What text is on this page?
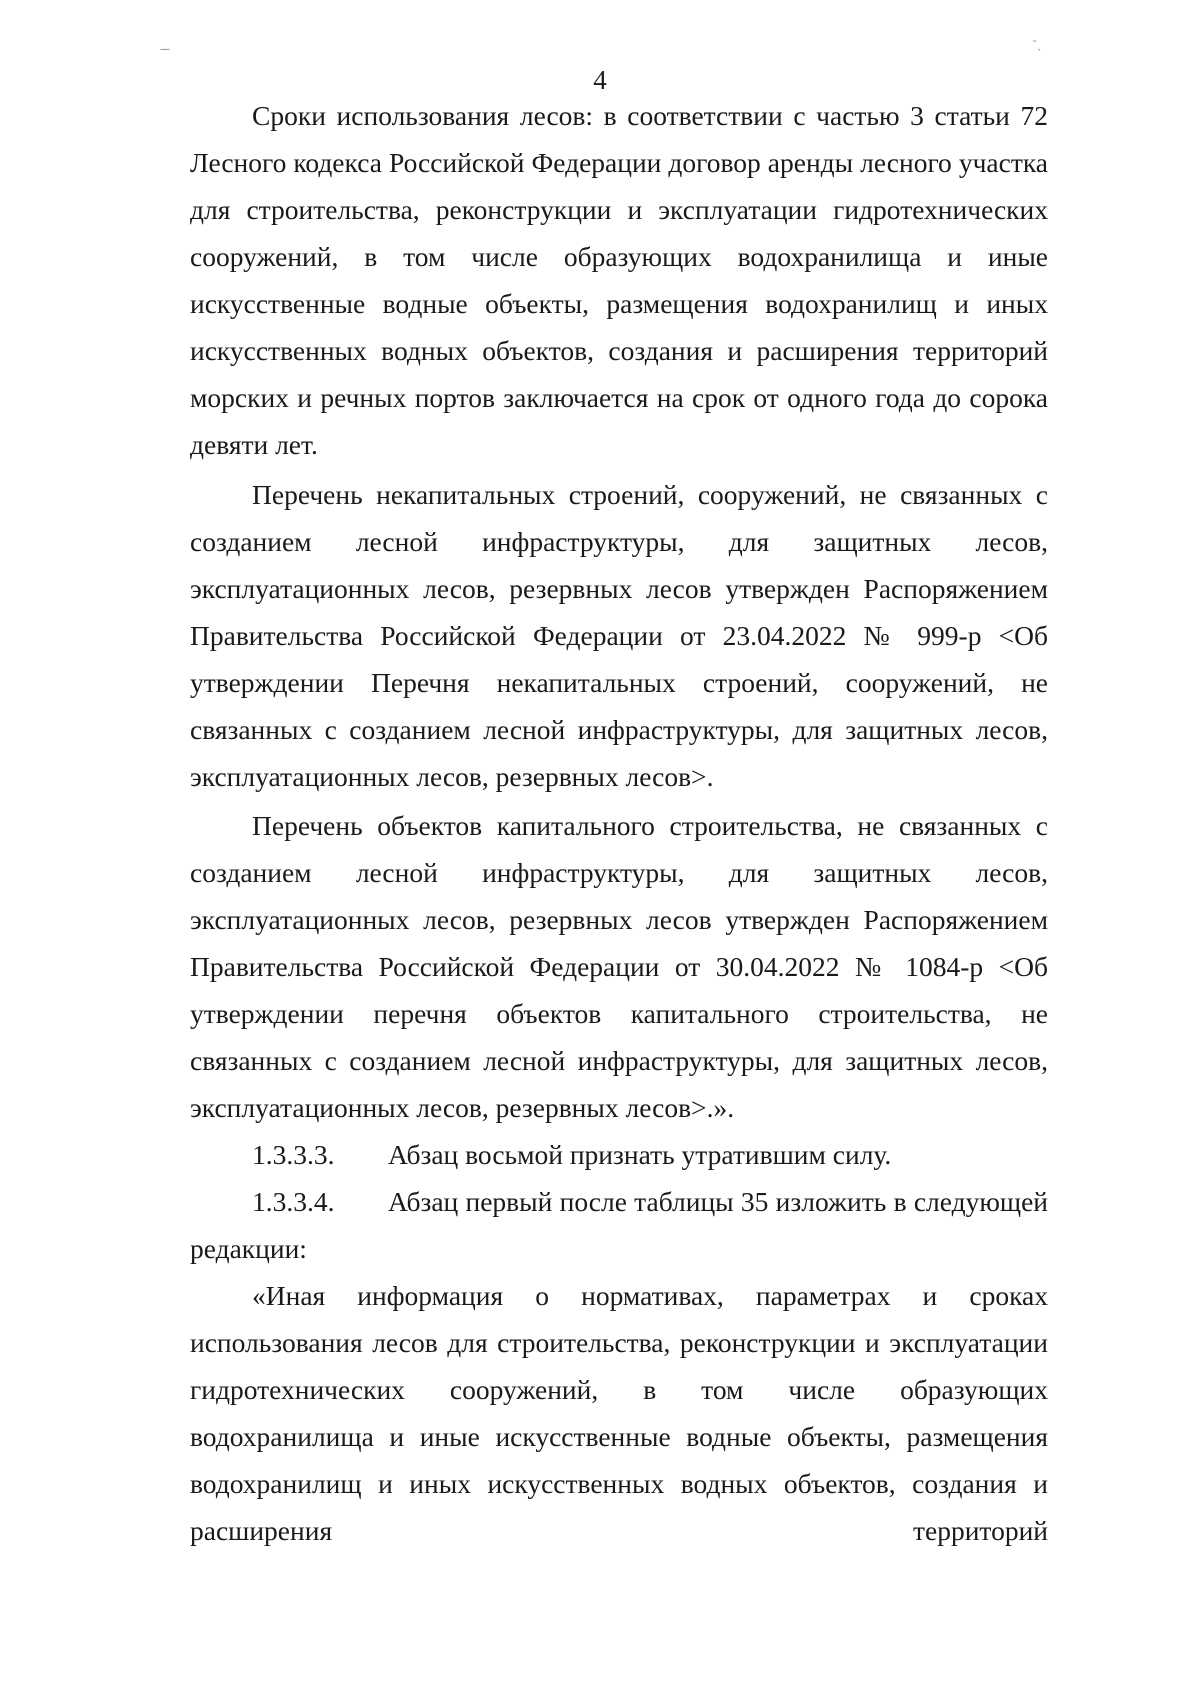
—	˜ˎ
4

Сроки использования лесов: в соответствии с частью 3 статьи 72 Лесного кодекса Российской Федерации договор аренды лесного участка для строительства, реконструкции и эксплуатации гидротехнических сооружений, в том числе образующих водохранилища и иные искусственные водные объекты, размещения водохранилищ и иных искусственных водных объектов, создания и расширения территорий морских и речных портов заключается на срок от одного года до сорока девяти лет.

Перечень некапитальных строений, сооружений, не связанных с созданием лесной инфраструктуры, для защитных лесов, эксплуатационных лесов, резервных лесов утвержден Распоряжением Правительства Российской Федерации от 23.04.2022 № 999-р <Об утверждении Перечня некапитальных строений, сооружений, не связанных с созданием лесной инфраструктуры, для защитных лесов, эксплуатационных лесов, резервных лесов>.

Перечень объектов капитального строительства, не связанных с созданием лесной инфраструктуры, для защитных лесов, эксплуатационных лесов, резервных лесов утвержден Распоряжением Правительства Российской Федерации от 30.04.2022 № 1084-р <Об утверждении перечня объектов капитального строительства, не связанных с созданием лесной инфраструктуры, для защитных лесов, эксплуатационных лесов, резервных лесов>.».

1.3.3.3. Абзац восьмой признать утратившим силу.

1.3.3.4. Абзац первый после таблицы 35 изложить в следующей редакции:

«Иная информация о нормативах, параметрах и сроках использования лесов для строительства, реконструкции и эксплуатации гидротехнических сооружений, в том числе образующих водохранилища и иные искусственные водные объекты, размещения водохранилищ и иных искусственных водных объектов, создания и расширения территорий
